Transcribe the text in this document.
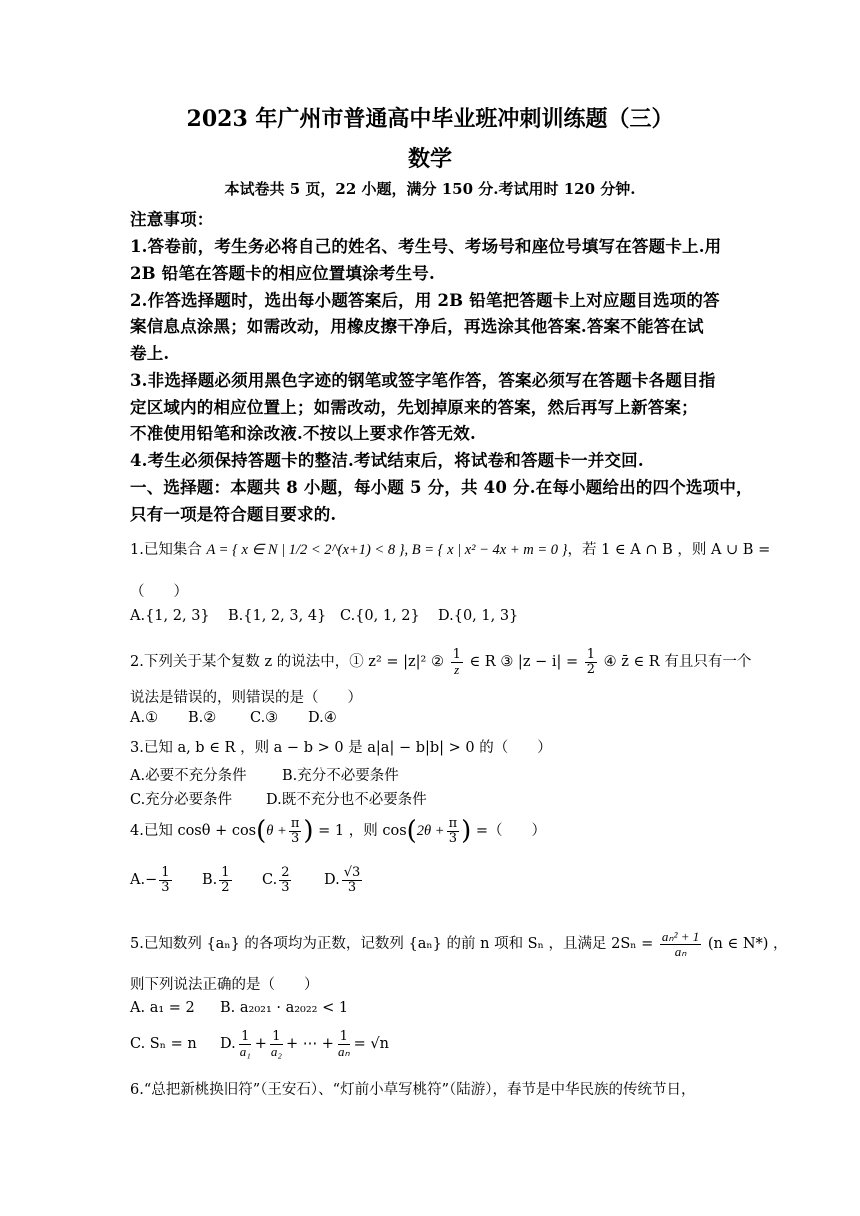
2023 年广州市普通高中毕业班冲刺训练题（三）
数学
本试卷共 5 页，22 小题，满分 150 分.考试用时 120 分钟.
注意事项：
1.答卷前，考生务必将自己的姓名、考生号、考场号和座位号填写在答题卡上.用
2B 铅笔在答题卡的相应位置填涂考生号.
2.作答选择题时，选出每小题答案后，用 2B 铅笔把答题卡上对应题目选项的答
案信息点涂黑；如需改动，用橡皮擦干净后，再选涂其他答案.答案不能答在试
卷上.
3.非选择题必须用黑色字迹的钢笔或签字笔作答，答案必须写在答题卡各题目指
定区域内的相应位置上；如需改动，先划掉原来的答案，然后再写上新答案；
不准使用铅笔和涂改液.不按以上要求作答无效.
4.考生必须保持答题卡的整洁.考试结束后，将试卷和答题卡一并交回.
一、选择题：本题共 8 小题，每小题 5 分，共 40 分.在每小题给出的四个选项中，
只有一项是符合题目要求的.
1.已知集合 A = { x ∈ N | 1/2 < 2^(x+1) < 8 }, B = { x | x² − 4x + m = 0 }，若 1 ∈ A ∩ B ，则 A ∪ B =
（　　）
A.{1, 2, 3} B.{1, 2, 3, 4} C.{0, 1, 2} D.{0, 1, 3}
2.下列关于某个复数 z 的说法中，① z² = |z|² ② $\frac{1}{z}$ ∈ R ③ $|z - i| = \frac{1}{2}$ ④ z̄ ∈ R 有且只有一个
说法是错误的，则错误的是（　　）
A.① B.② C.③ D.④
3.已知 a, b ∈ R ，则 a − b > 0 是 a|a| − b|b| > 0 的（　　）
A.必要不充分条件 B.充分不必要条件
C.充分必要条件 D.既不充分也不必要条件
4.已知 $\cos\theta + \cos(\theta + \frac{\pi}{3}$ ) = 1 ，则 $\cos(2\theta + \frac{\pi}{3}$ ) =（　　）
$A.- \frac{1}{3} B$. $\frac{1}{2} C$. $\frac{2}{3} D$. $\frac{√3}{3}$
5.已知数列 {aₙ} 的各项均为正数，记数列 {aₙ} 的前 n 项和 Sₙ ，且满足 $2S_n = \frac{\text{aₙ² + 1}}{\text{aₙ}} (n$ ∈ N*) ，
则下列说法正确的是（　　）
A. a₁ = 2 B. a₂₀₂₁ · a₂₀₂₂ < 1
C. Sₙ = n D. $\frac{1}{\text{a₁}} + \frac{1}{\text{a₂}}$ + ⋯ + $\frac{1}{\text{aₙ}} = √n$
6.“总把新桃换旧符”（王安石）、“灯前小草写桃符”（陆游），春节是中华民族的传统节日，
